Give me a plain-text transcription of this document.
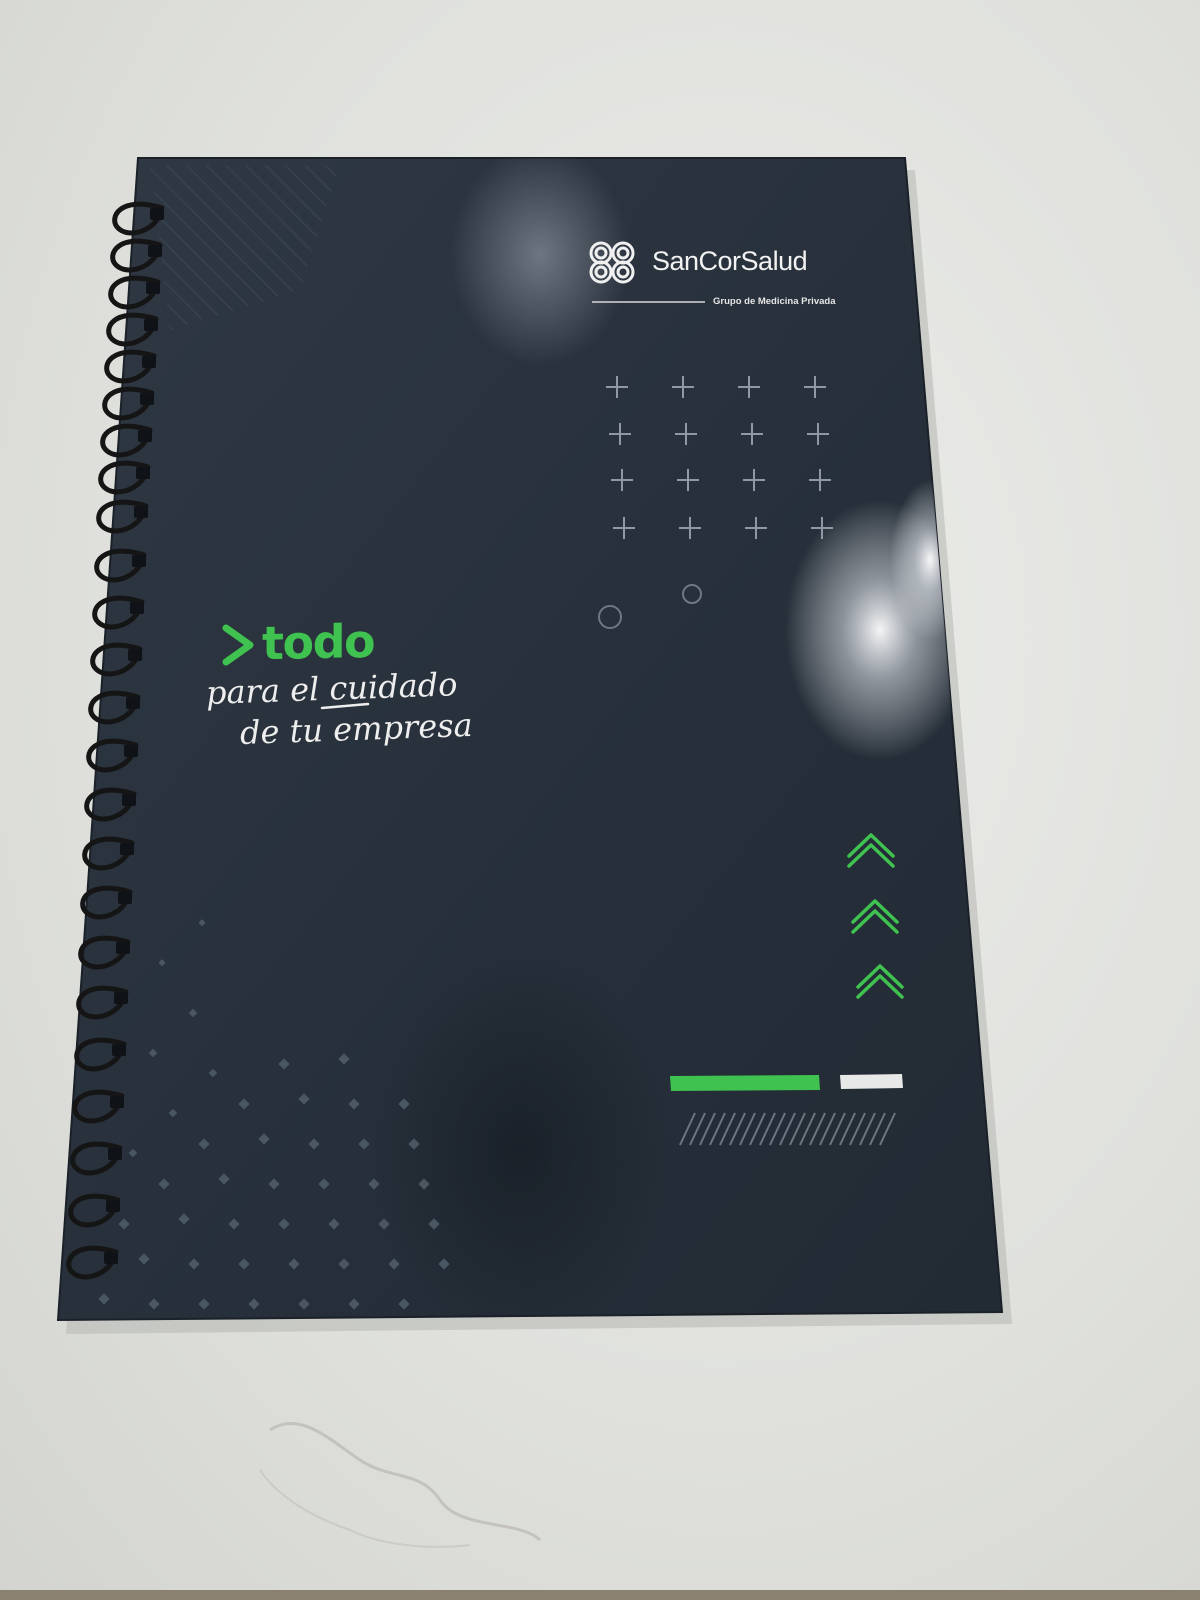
SanCorSalud
Grupo de Medicina Privada
todo
para el cuidado
de tu empresa
